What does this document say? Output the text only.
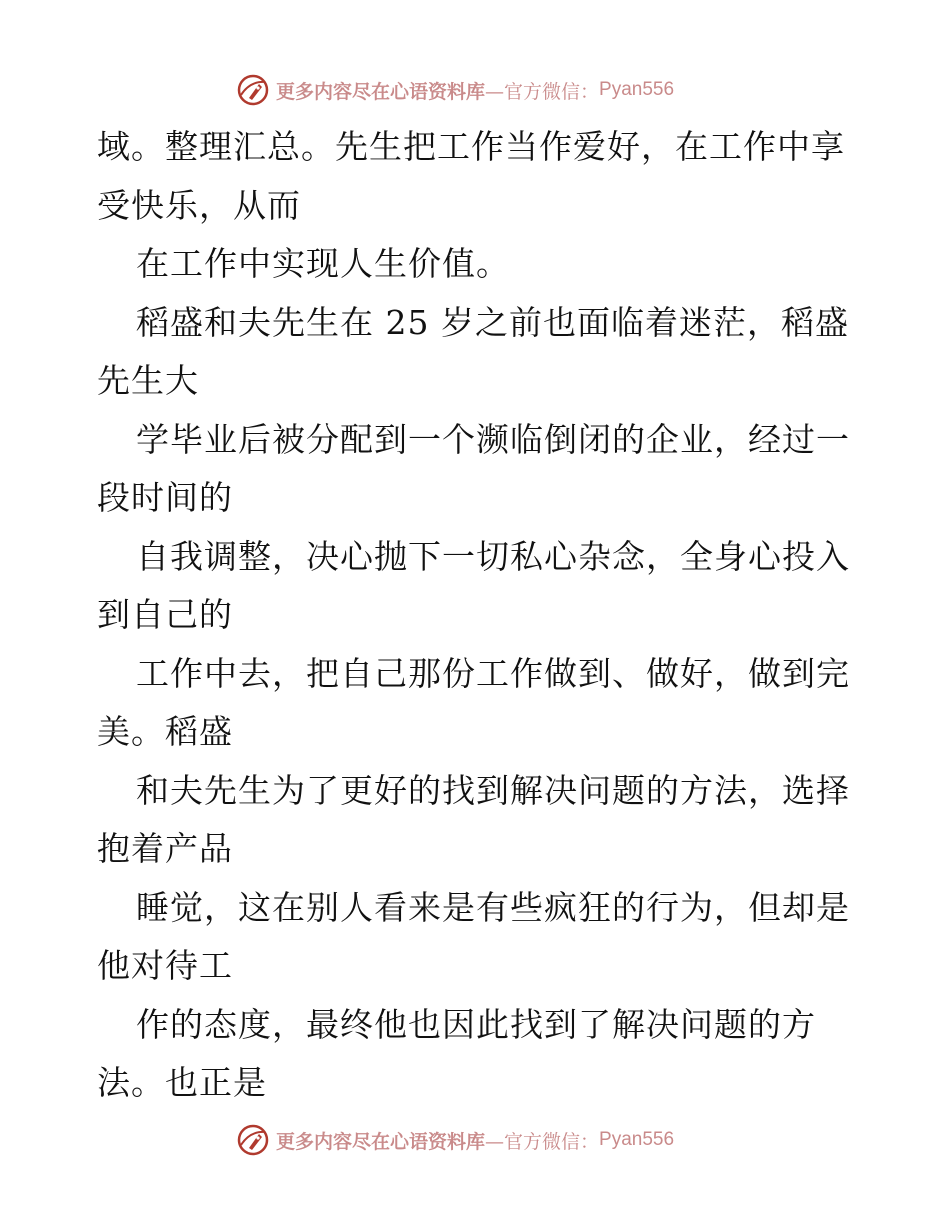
更多内容尽在心语资料库 —官方微信： Pyan556
域。整理汇总。先生把工作当作爱好，在工作中享
受快乐，从而
在工作中实现人生价值。
稻盛和夫先生在 25 岁之前也面临着迷茫，稻盛
先生大
学毕业后被分配到一个濒临倒闭的企业，经过一
段时间的
自我调整，决心抛下一切私心杂念，全身心投入
到自己的
工作中去，把自己那份工作做到、做好，做到完
美。稻盛
和夫先生为了更好的找到解决问题的方法，选择
抱着产品
睡觉，这在别人看来是有些疯狂的行为，但却是
他对待工
作的态度，最终他也因此找到了解决问题的方
法。也正是
更多内容尽在心语资料库 —官方微信： Pyan556
